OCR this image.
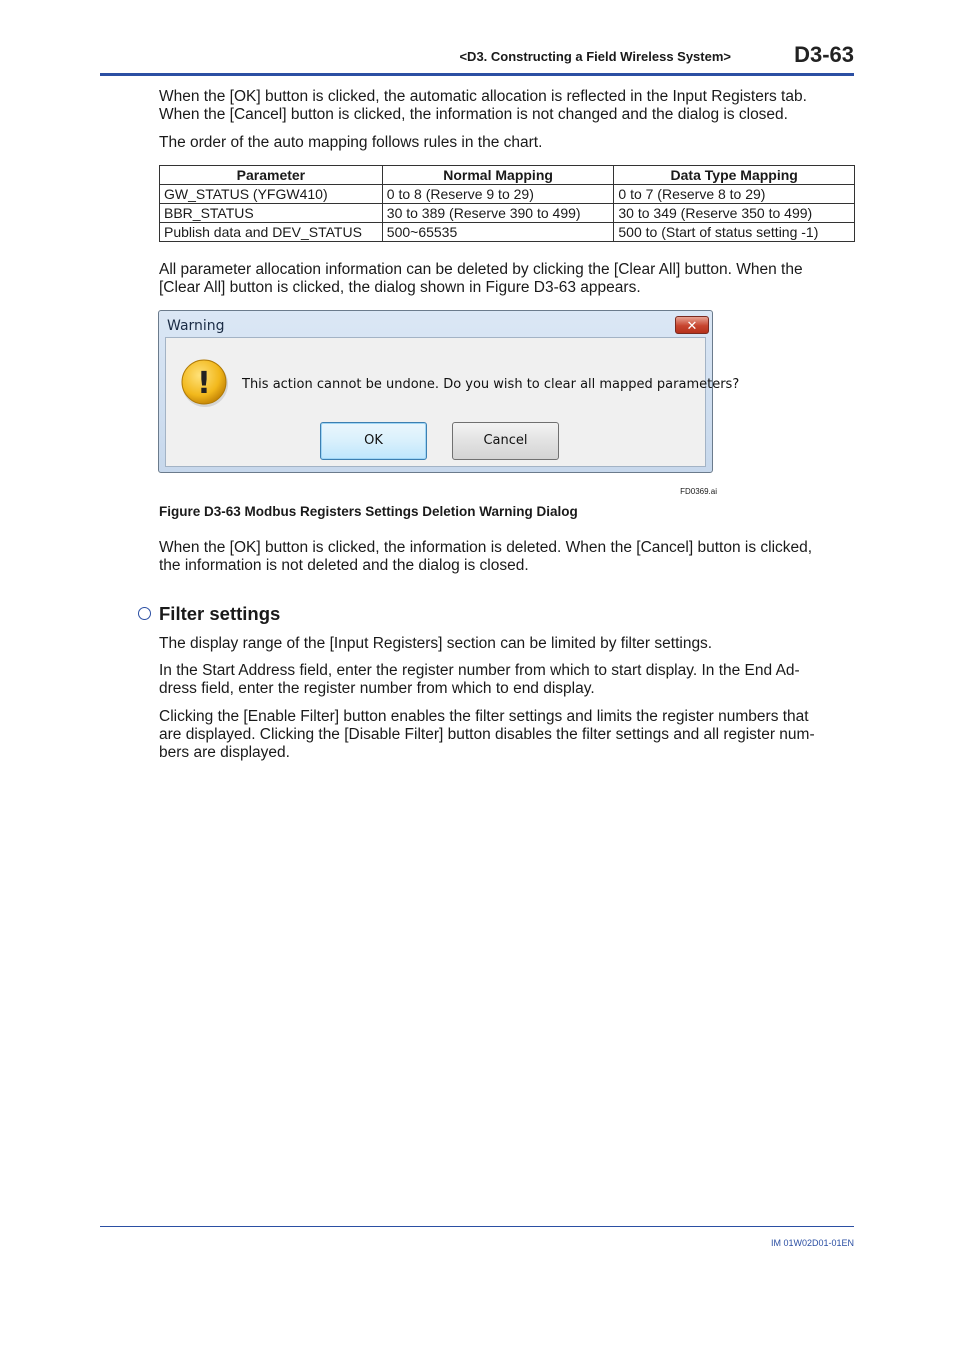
<D3. Constructing a Field Wireless System>	D3-63

When the [OK] button is clicked, the automatic allocation is reflected in the Input Registers tab.
When the [Cancel] button is clicked, the information is not changed and the dialog is closed.

The order of the auto mapping follows rules in the chart.

Parameter	Normal Mapping	Data Type Mapping
GW_STATUS (YFGW410)	0 to 8 (Reserve 9 to 29)	0 to 7 (Reserve 8 to 29)
BBR_STATUS	30 to 389 (Reserve 390 to 499)	30 to 349 (Reserve 350 to 499)
Publish data and DEV_STATUS	500~65535	500 to (Start of status setting -1)

All parameter allocation information can be deleted by clicking the [Clear All] button. When the
[Clear All] button is clicked, the dialog shown in Figure D3-63 appears.

Warning	✕
! This action cannot be undone. Do you wish to clear all mapped parameters?
OK	Cancel
FD0369.ai
Figure D3-63 Modbus Registers Settings Deletion Warning Dialog

When the [OK] button is clicked, the information is deleted. When the [Cancel] button is clicked,
the information is not deleted and the dialog is closed.

Filter settings

The display range of the [Input Registers] section can be limited by filter settings.

In the Start Address field, enter the register number from which to start display. In the End Ad-
dress field, enter the register number from which to end display.

Clicking the [Enable Filter] button enables the filter settings and limits the register numbers that
are displayed. Clicking the [Disable Filter] button disables the filter settings and all register num-
bers are displayed.

IM 01W02D01-01EN
